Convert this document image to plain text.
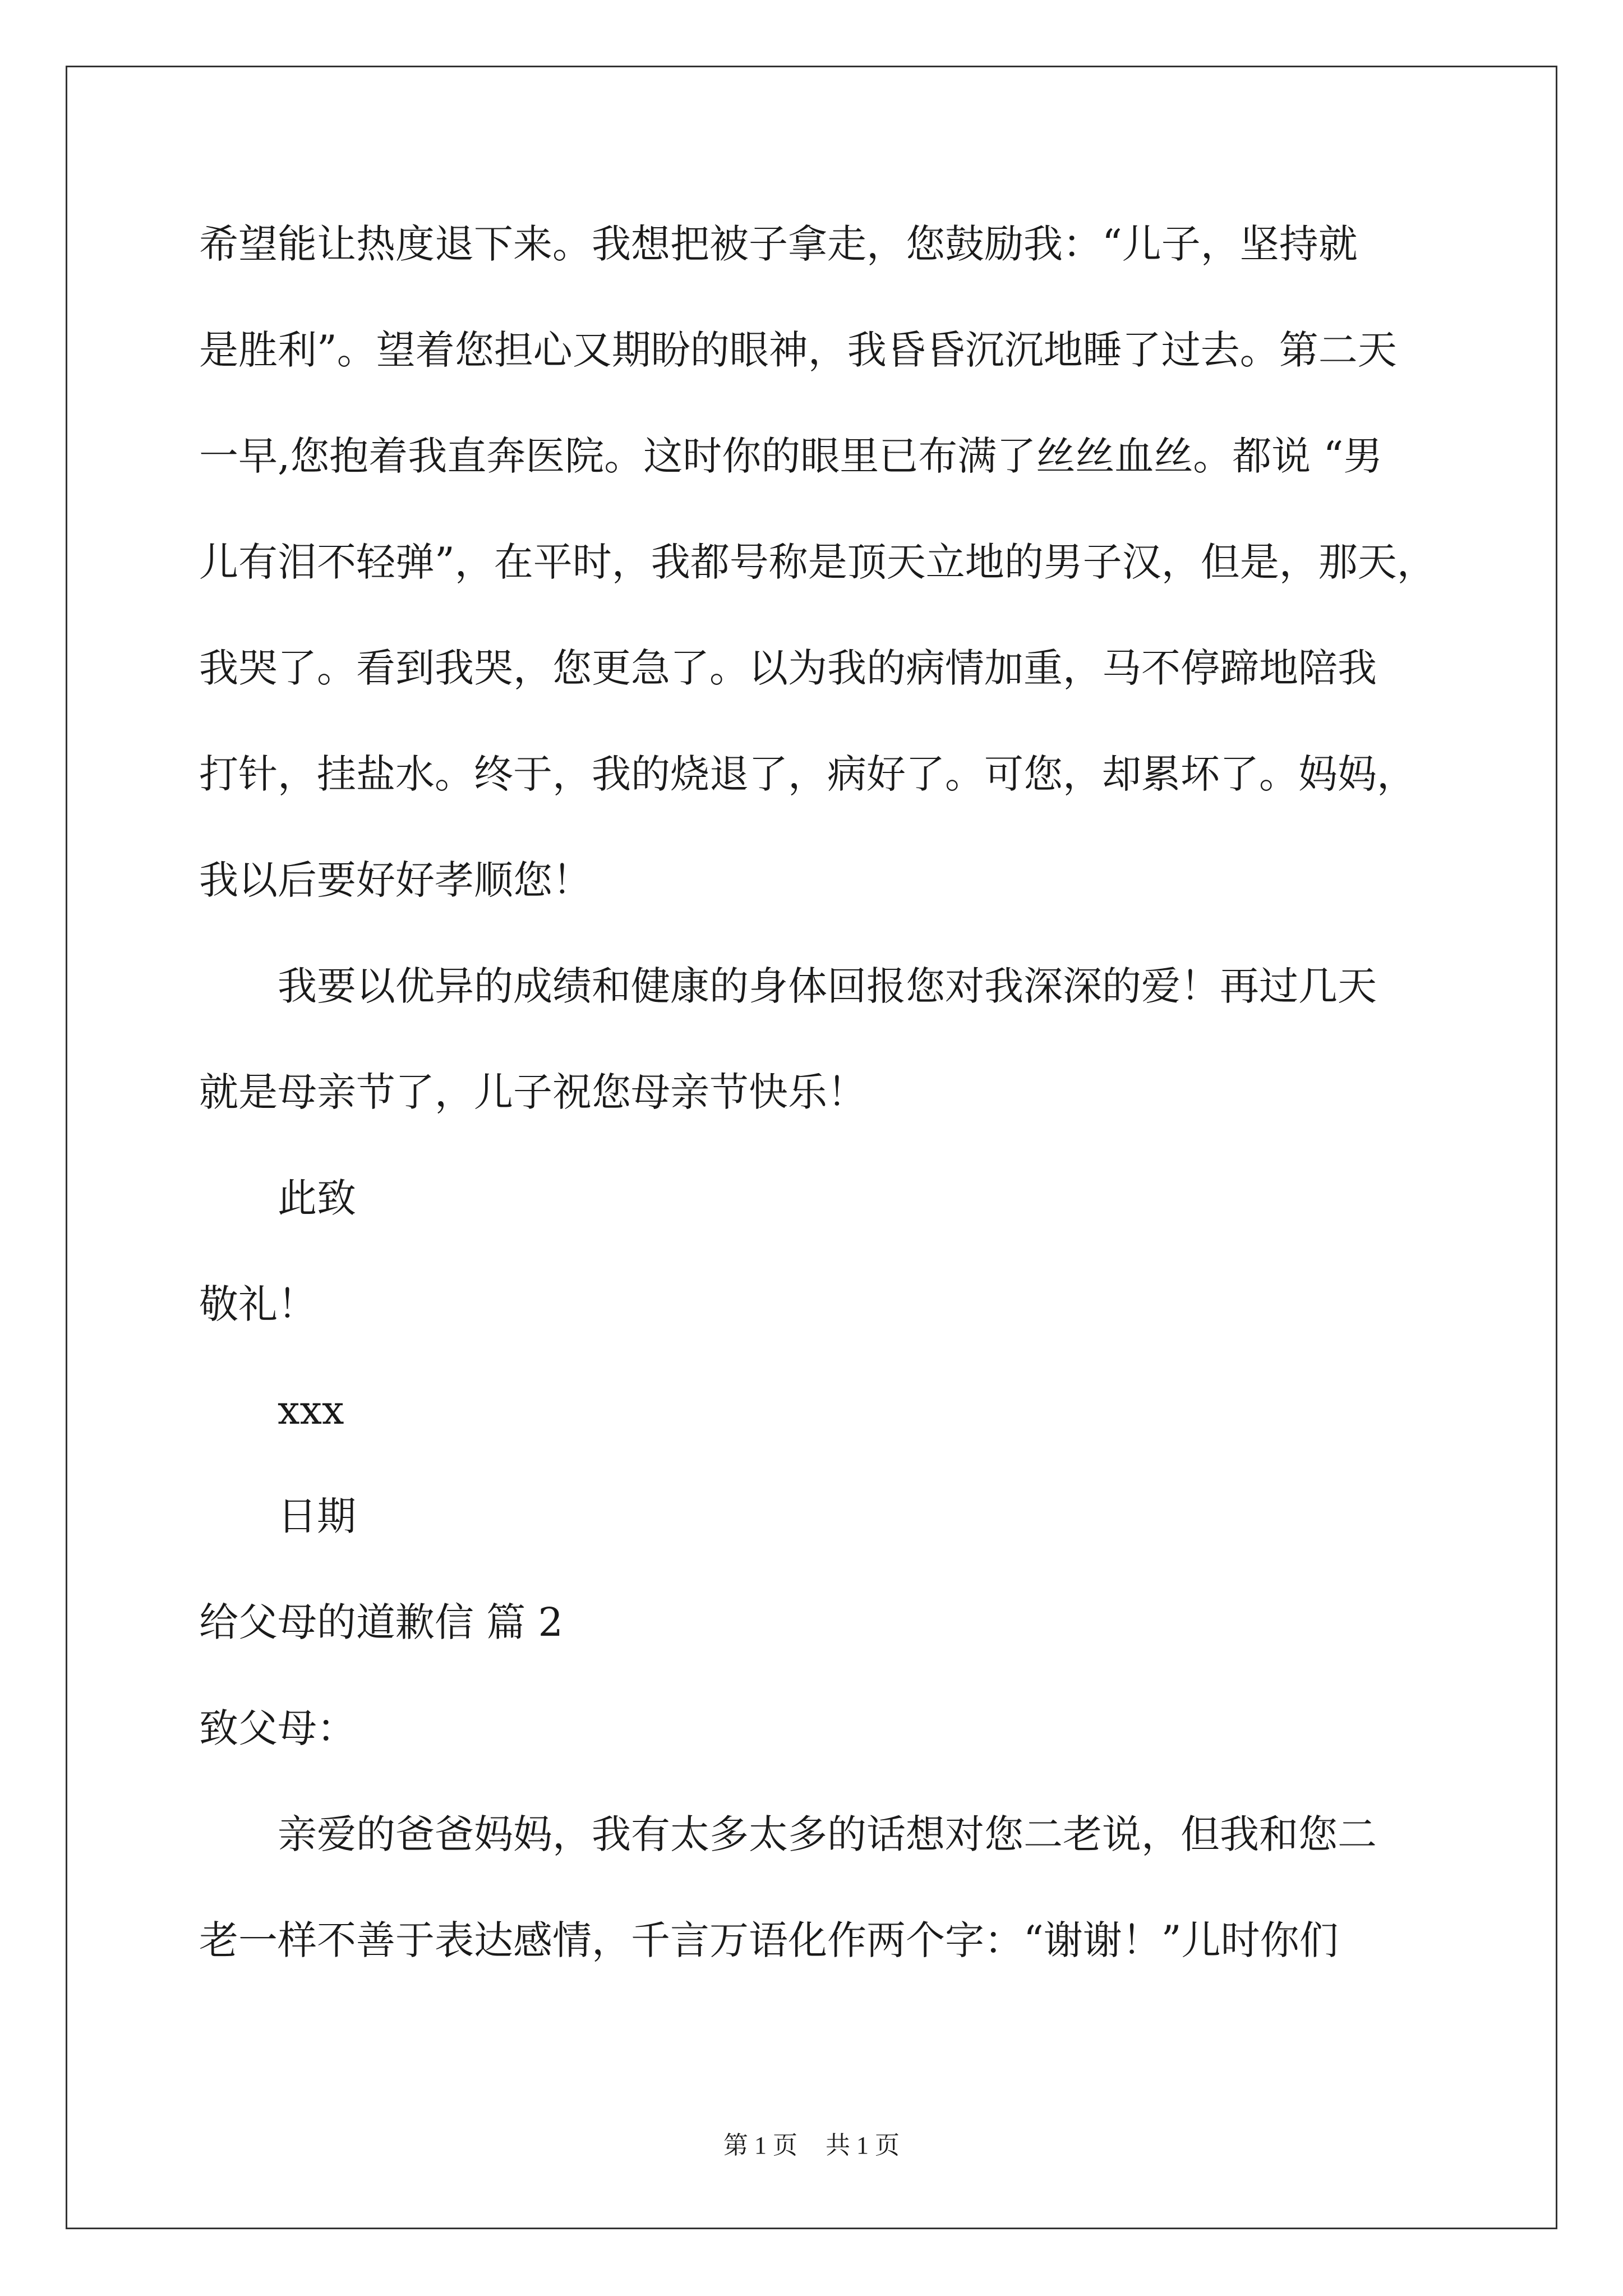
希望能让热度退下来。我想把被子拿走，您鼓励我：“儿子，坚持就
是胜利”。望着您担心又期盼的眼神，我昏昏沉沉地睡了过去。第二天
一早,您抱着我直奔医院。这时你的眼里已布满了丝丝血丝。都说 “男
儿有泪不轻弹”，在平时，我都号称是顶天立地的男子汉，但是，那天，
我哭了。看到我哭，您更急了。以为我的病情加重，马不停蹄地陪我
打针，挂盐水。终于，我的烧退了，病好了。可您，却累坏了。妈妈，
我以后要好好孝顺您！
我要以优异的成绩和健康的身体回报您对我深深的爱！再过几天
就是母亲节了，儿子祝您母亲节快乐！
此致
敬礼！
xxx
日期
给父母的道歉信 篇 2
致父母：
亲爱的爸爸妈妈，我有太多太多的话想对您二老说，但我和您二
老一样不善于表达感情，千言万语化作两个字：“谢谢！”儿时你们
第 1 页 共 1 页
